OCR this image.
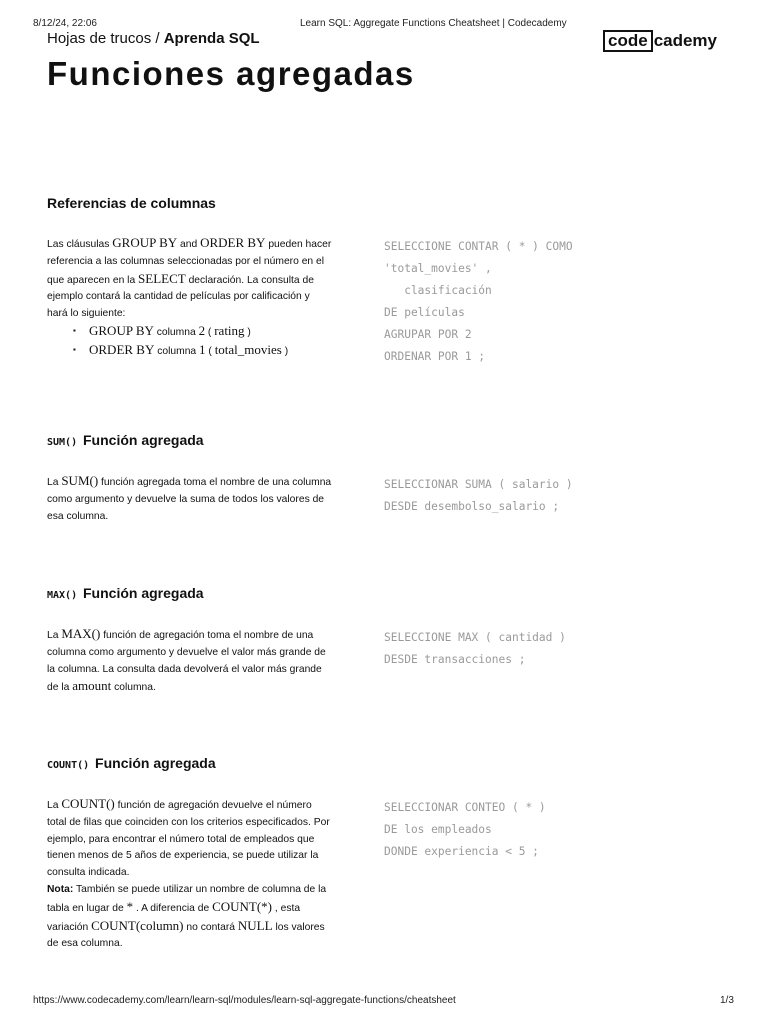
8/12/24, 22:06	Learn SQL: Aggregate Functions Cheatsheet | Codecademy
Hojas de trucos / Aprenda SQL	code cademy
Funciones agregadas
Referencias de columnas
Las cláusulas GROUP BY and ORDER BY pueden hacer referencia a las columnas seleccionadas por el número en el que aparecen en la SELECT declaración. La consulta de ejemplo contará la cantidad de películas por calificación y hará lo siguiente:
▪ GROUP BY columna 2 ( rating )
▪ ORDER BY columna 1 ( total_movies )
SELECCIONE CONTAR ( * ) COMO
'total_movies' ,
clasificación
DE películas
AGRUPAR POR 2
ORDENAR POR 1 ;
SUM() Función agregada
La SUM() función agregada toma el nombre de una columna como argumento y devuelve la suma de todos los valores de esa columna.
SELECCIONAR SUMA ( salario )
DESDE desembolso_salario ;
MAX() Función agregada
La MAX() función de agregación toma el nombre de una columna como argumento y devuelve el valor más grande de la columna. La consulta dada devolverá el valor más grande de la amount columna.
SELECCIONE MAX ( cantidad )
DESDE transacciones ;
COUNT() Función agregada
La COUNT() función de agregación devuelve el número total de filas que coinciden con los criterios especificados. Por ejemplo, para encontrar el número total de empleados que tienen menos de 5 años de experiencia, se puede utilizar la consulta indicada.
Nota: También se puede utilizar un nombre de columna de la tabla en lugar de * . A diferencia de COUNT(*) , esta variación COUNT(column) no contará NULL los valores de esa columna.
SELECCIONAR CONTEO ( * )
DE los empleados
DONDE experiencia < 5 ;
https://www.codecademy.com/learn/learn-sql/modules/learn-sql-aggregate-functions/cheatsheet	1/3
